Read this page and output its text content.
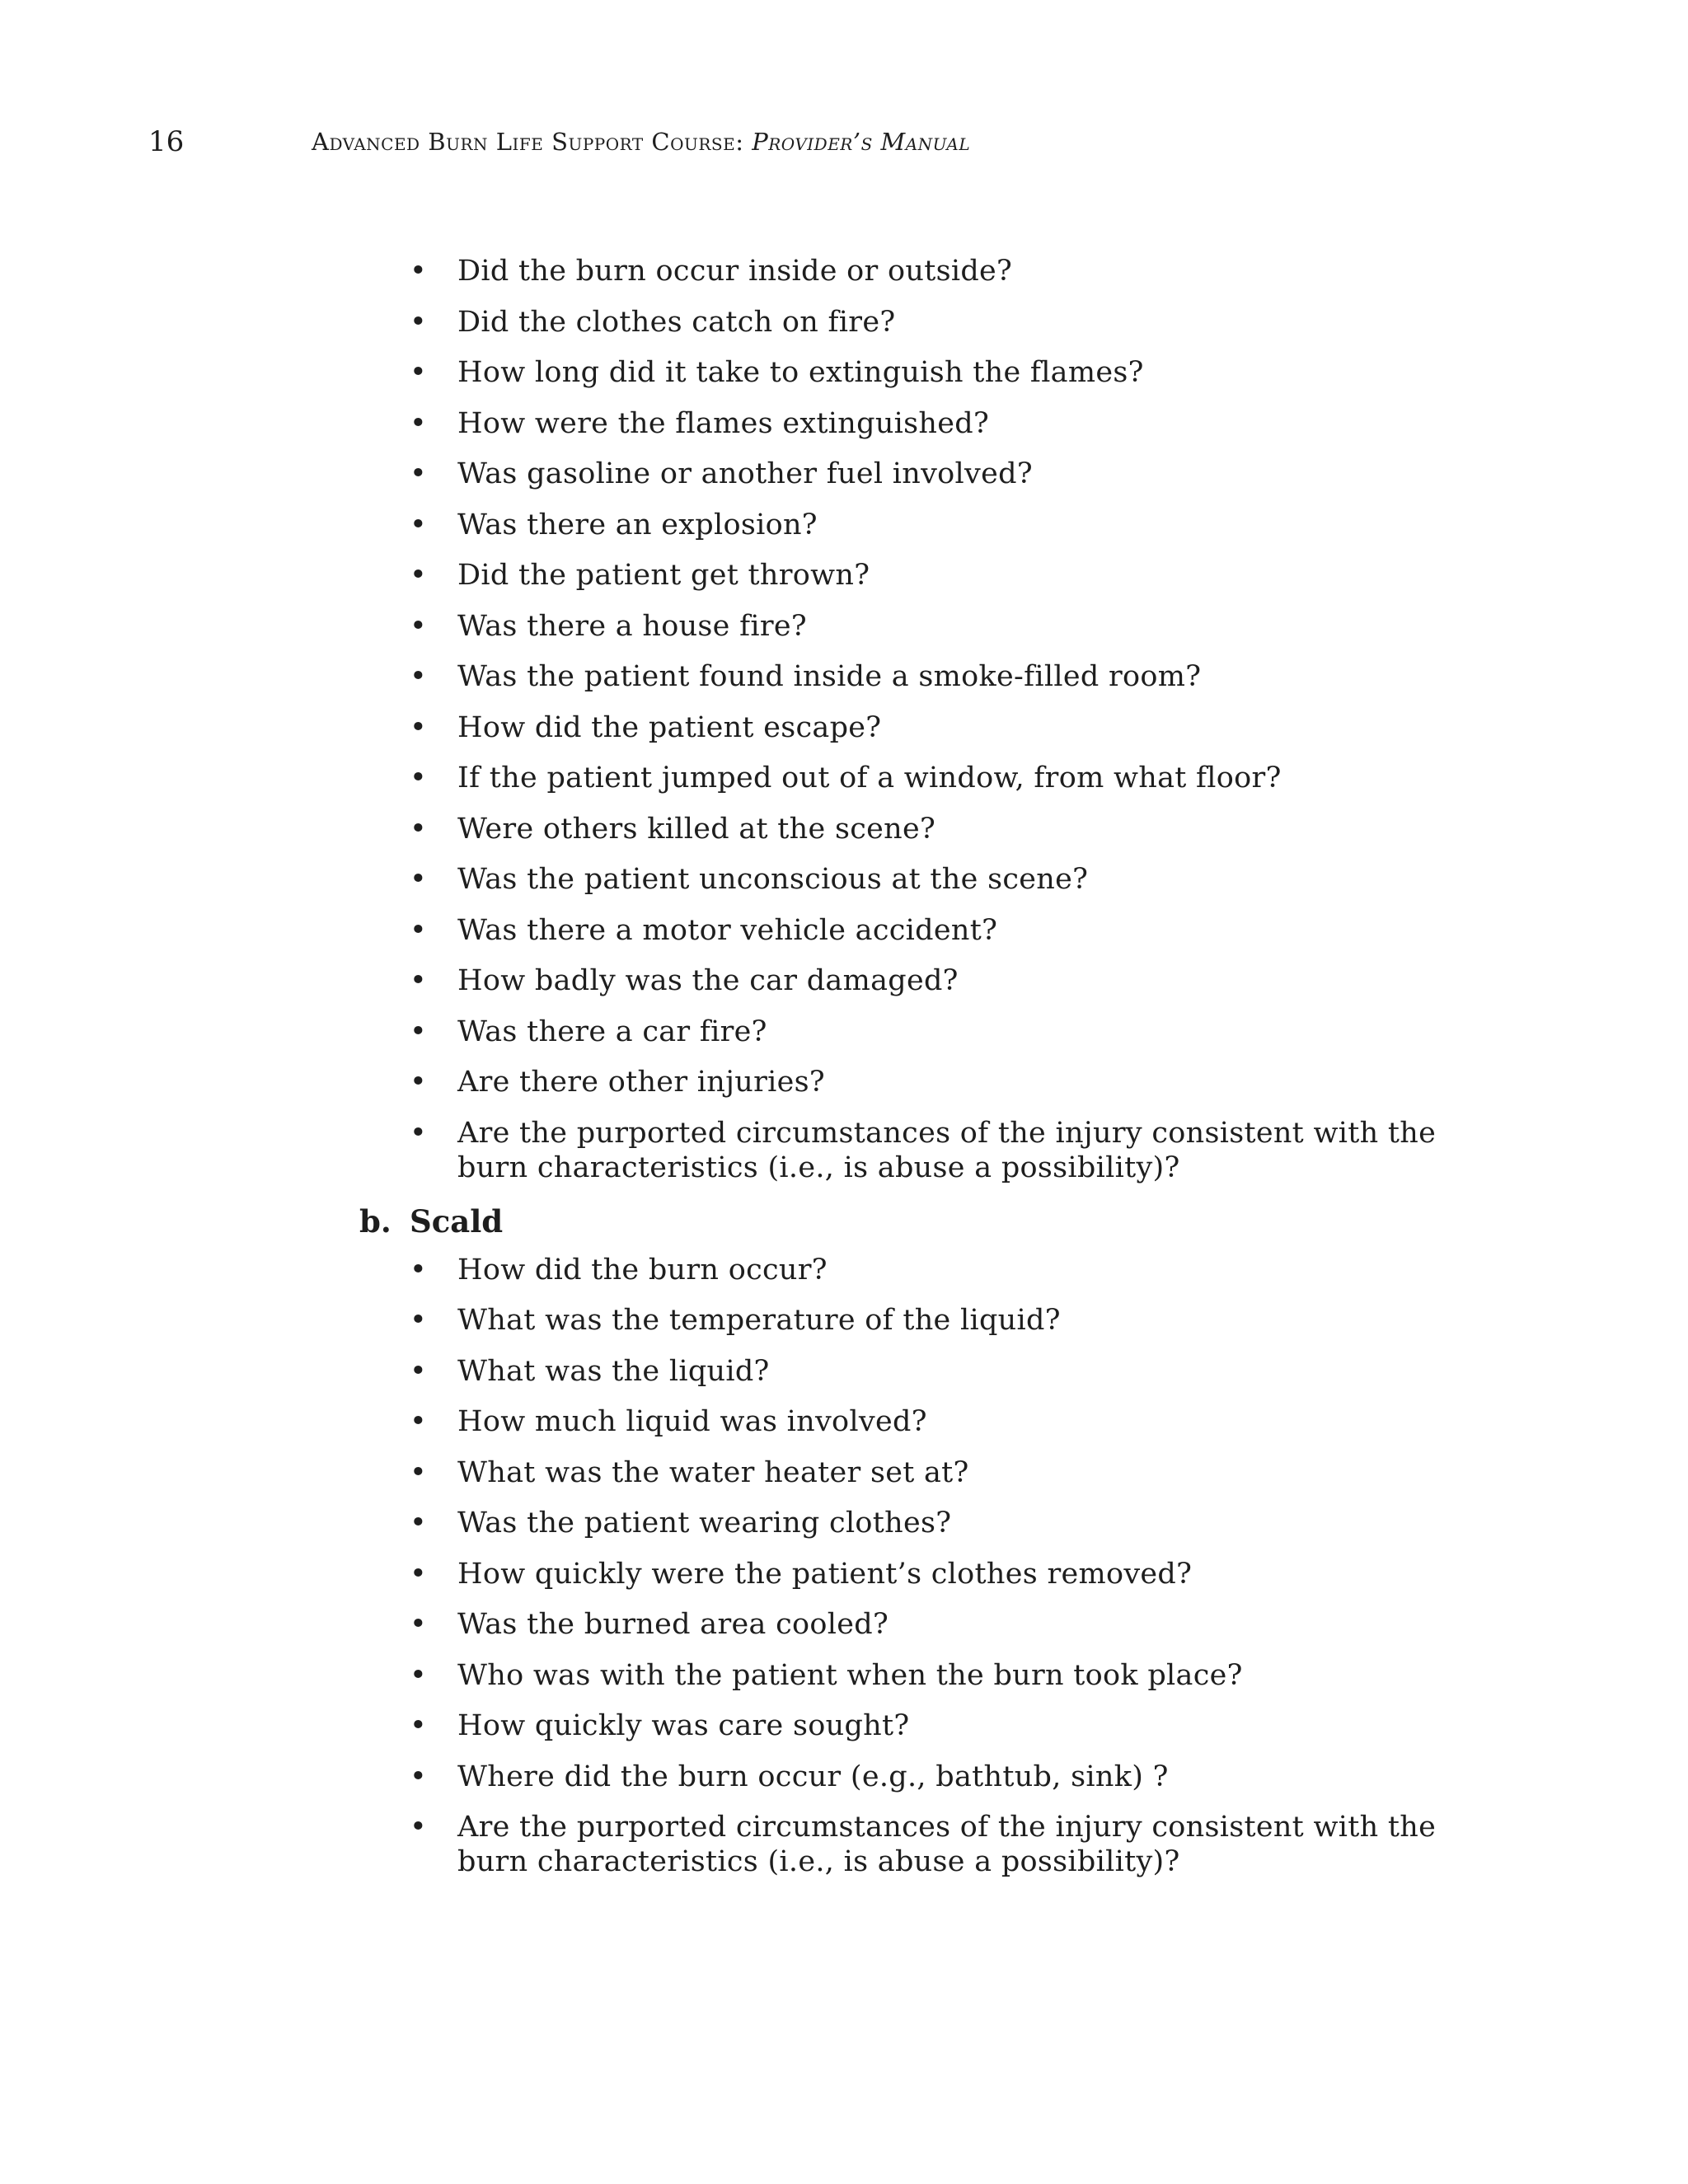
16	Advanced Burn Life Support Course: Provider’s Manual
• Did the burn occur inside or outside?
• Did the clothes catch on fire?
• How long did it take to extinguish the flames?
• How were the flames extinguished?
• Was gasoline or another fuel involved?
• Was there an explosion?
• Did the patient get thrown?
• Was there a house fire?
• Was the patient found inside a smoke-filled room?
• How did the patient escape?
• If the patient jumped out of a window, from what floor?
• Were others killed at the scene?
• Was the patient unconscious at the scene?
• Was there a motor vehicle accident?
• How badly was the car damaged?
• Was there a car fire?
• Are there other injuries?
• Are the purported circumstances of the injury consistent with the burn characteristics (i.e., is abuse a possibility)?
b. Scald
• How did the burn occur?
• What was the temperature of the liquid?
• What was the liquid?
• How much liquid was involved?
• What was the water heater set at?
• Was the patient wearing clothes?
• How quickly were the patient’s clothes removed?
• Was the burned area cooled?
• Who was with the patient when the burn took place?
• How quickly was care sought?
• Where did the burn occur (e.g., bathtub, sink) ?
• Are the purported circumstances of the injury consistent with the burn characteristics (i.e., is abuse a possibility)?
